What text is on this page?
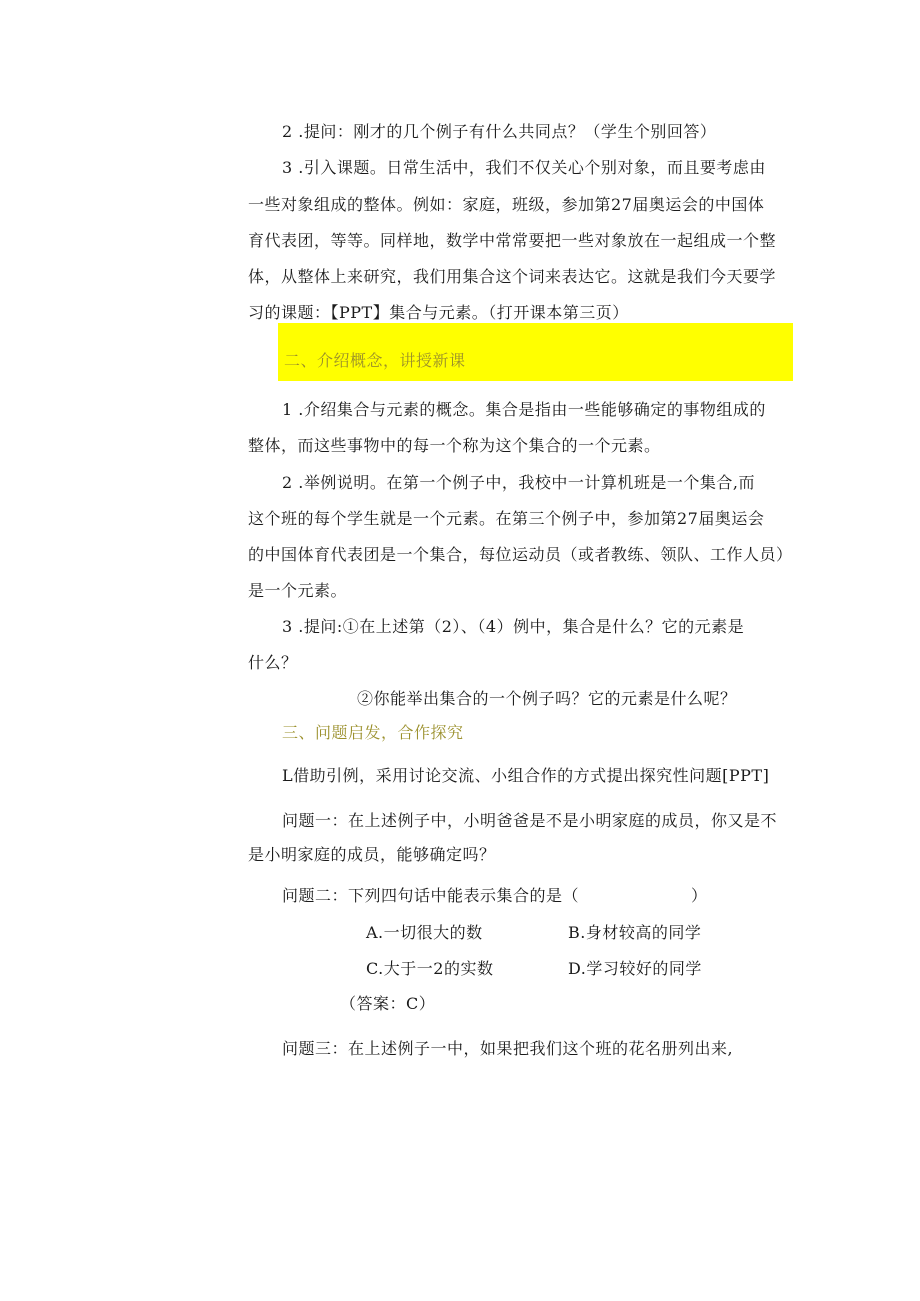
2 .提问：刚才的几个例子有什么共同点？（学生个别回答）
3 .引入课题。日常生活中，我们不仅关心个别对象，而且要考虑由
一些对象组成的整体。例如：家庭，班级，参加第27届奥运会的中国体
育代表团，等等。同样地，数学中常常要把一些对象放在一起组成一个整
体，从整体上来研究，我们用集合这个词来表达它。这就是我们今天要学
习的课题：【PPT】集合与元素。（打开课本第三页）
二、介绍概念，讲授新课
1 .介绍集合与元素的概念。集合是指由一些能够确定的事物组成的
整体，而这些事物中的每一个称为这个集合的一个元素。
2 .举例说明。在第一个例子中，我校中一计算机班是一个集合,而
这个班的每个学生就是一个元素。在第三个例子中，参加第27届奥运会
的中国体育代表团是一个集合，每位运动员（或者教练、领队、工作人员）
是一个元素。
3 .提问:①在上述第（2）、（4）例中，集合是什么？它的元素是
什么？
②你能举出集合的一个例子吗？它的元素是什么呢？
三、问题启发，合作探究
L借助引例，采用讨论交流、小组合作的方式提出探究性问题[PPT]
问题一：在上述例子中，小明爸爸是不是小明家庭的成员，你又是不
是小明家庭的成员，能够确定吗？
问题二：下列四句话中能表示集合的是（	）
A.一切很大的数	B.身材较高的同学
C.大于一2的实数	D.学习较好的同学
（答案：C）
问题三：在上述例子一中，如果把我们这个班的花名册列出来,
